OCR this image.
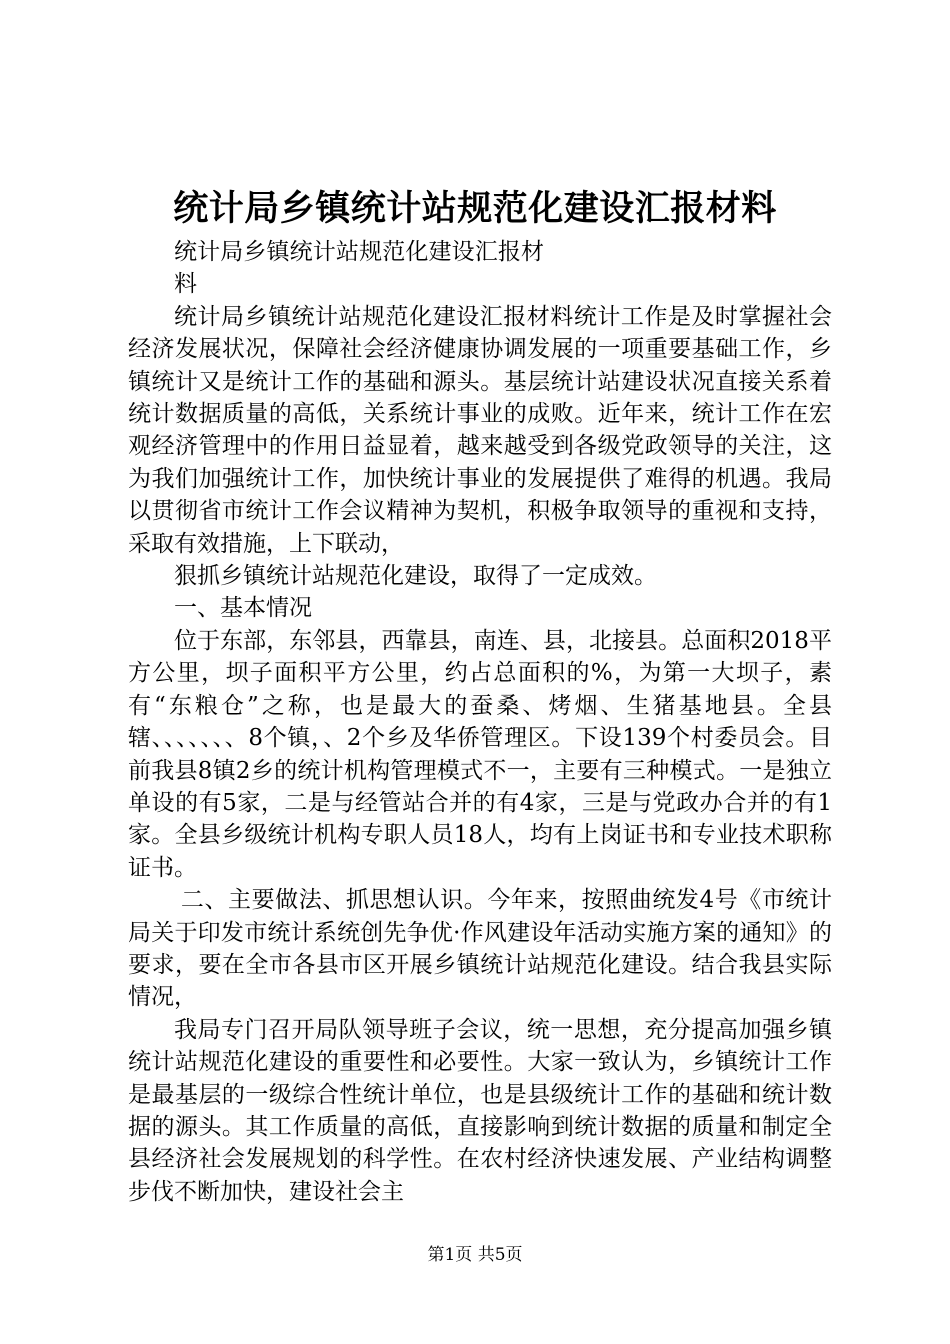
统计局乡镇统计站规范化建设汇报材料

统计局乡镇统计站规范化建设汇报材料

统计局乡镇统计站规范化建设汇报材料统计工作是及时掌握社会经济发展状况，保障社会经济健康协调发展的一项重要基础工作，乡镇统计又是统计工作的基础和源头。基层统计站建设状况直接关系着统计数据质量的高低，关系统计事业的成败。近年来，统计工作在宏观经济管理中的作用日益显着，越来越受到各级党政领导的关注，这为我们加强统计工作，加快统计事业的发展提供了难得的机遇。我局以贯彻省市统计工作会议精神为契机，积极争取领导的重视和支持，采取有效措施，上下联动，

狠抓乡镇统计站规范化建设，取得了一定成效。

一、基本情况

位于东部，东邻县，西靠县，南连、县，北接县。总面积2018平方公里，坝子面积平方公里，约占总面积的%，为第一大坝子，素有“东粮仓”之称，也是最大的蚕桑、烤烟、生猪基地县。全县辖、、、、、、、8个镇，、2个乡及华侨管理区。下设139个村委员会。目前我县8镇2乡的统计机构管理模式不一，主要有三种模式。一是独立单设的有5家，二是与经管站合并的有4家，三是与党政办合并的有1家。全县乡级统计机构专职人员18人，均有上岗证书和专业技术职称证书。

二、主要做法、抓思想认识。今年来，按照曲统发4号《市统计局关于印发市统计系统创先争优·作风建设年活动实施方案的通知》的要求，要在全市各县市区开展乡镇统计站规范化建设。结合我县实际情况，

我局专门召开局队领导班子会议，统一思想，充分提高加强乡镇统计站规范化建设的重要性和必要性。大家一致认为，乡镇统计工作是最基层的一级综合性统计单位，也是县级统计工作的基础和统计数据的源头。其工作质量的高低，直接影响到统计数据的质量和制定全县经济社会发展规划的科学性。在农村经济快速发展、产业结构调整步伐不断加快，建设社会主

第1页 共5页
